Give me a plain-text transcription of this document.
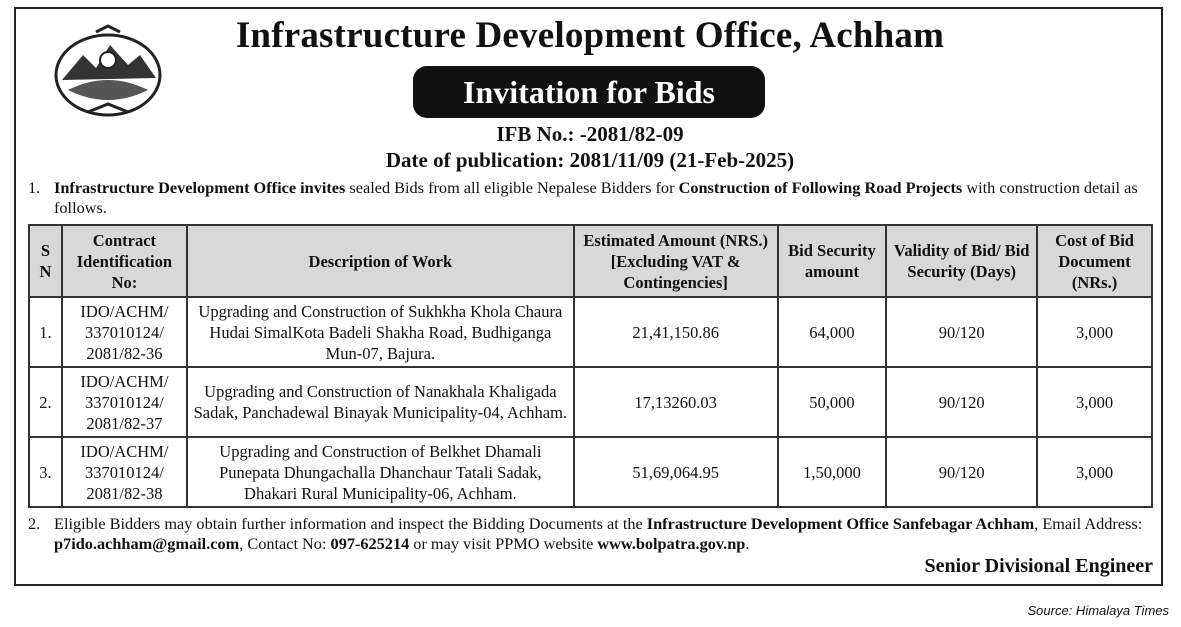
Infrastructure Development Office, Achham
Invitation for Bids
IFB No.: -2081/82-09
Date of publication: 2081/11/09 (21-Feb-2025)
1. Infrastructure Development Office invites sealed Bids from all eligible Nepalese Bidders for Construction of Following Road Projects with construction detail as follows.
S N	Contract Identification No:	Description of Work	Estimated Amount (NRS.) [Excluding VAT & Contingencies]	Bid Security amount	Validity of Bid/ Bid Security (Days)	Cost of Bid Document (NRs.)
1.	IDO/ACHM/ 337010124/ 2081/82-36	Upgrading and Construction of Sukhkha Khola Chaura Hudai SimalKota Badeli Shakha Road, Budhiganga Mun-07, Bajura.	21,41,150.86	64,000	90/120	3,000
2.	IDO/ACHM/ 337010124/ 2081/82-37	Upgrading and Construction of Nanakhala Khaligada Sadak, Panchadewal Binayak Municipality-04, Achham.	17,13260.03	50,000	90/120	3,000
3.	IDO/ACHM/ 337010124/ 2081/82-38	Upgrading and Construction of Belkhet Dhamali Punepata Dhungachalla Dhanchaur Tatali Sadak, Dhakari Rural Municipality-06, Achham.	51,69,064.95	1,50,000	90/120	3,000
2. Eligible Bidders may obtain further information and inspect the Bidding Documents at the Infrastructure Development Office Sanfebagar Achham, Email Address: p7ido.achham@gmail.com, Contact No: 097-625214 or may visit PPMO website www.bolpatra.gov.np.
Senior Divisional Engineer
Source: Himalaya Times
